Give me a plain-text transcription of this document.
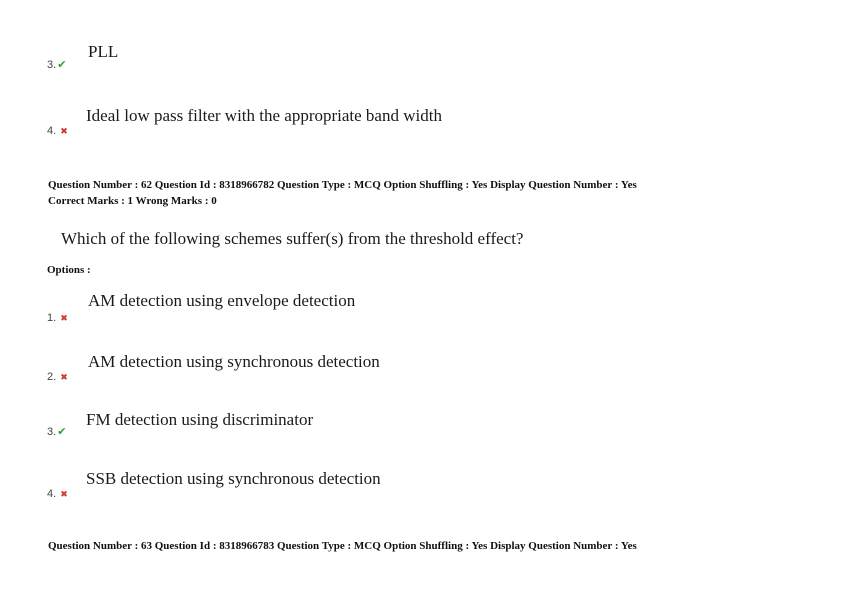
PLL
3.✔
Ideal low pass filter with the appropriate band width
4. ✖
Question Number : 62 Question Id : 8318966782 Question Type : MCQ Option Shuffling : Yes Display Question Number : Yes
Correct Marks : 1 Wrong Marks : 0
Which of the following schemes suffer(s) from the threshold effect?
Options :
AM detection using envelope detection
1. ✖
AM detection using synchronous detection
2. ✖
FM detection using discriminator
3.✔
SSB detection using synchronous detection
4. ✖
Question Number : 63 Question Id : 8318966783 Question Type : MCQ Option Shuffling : Yes Display Question Number : Yes
